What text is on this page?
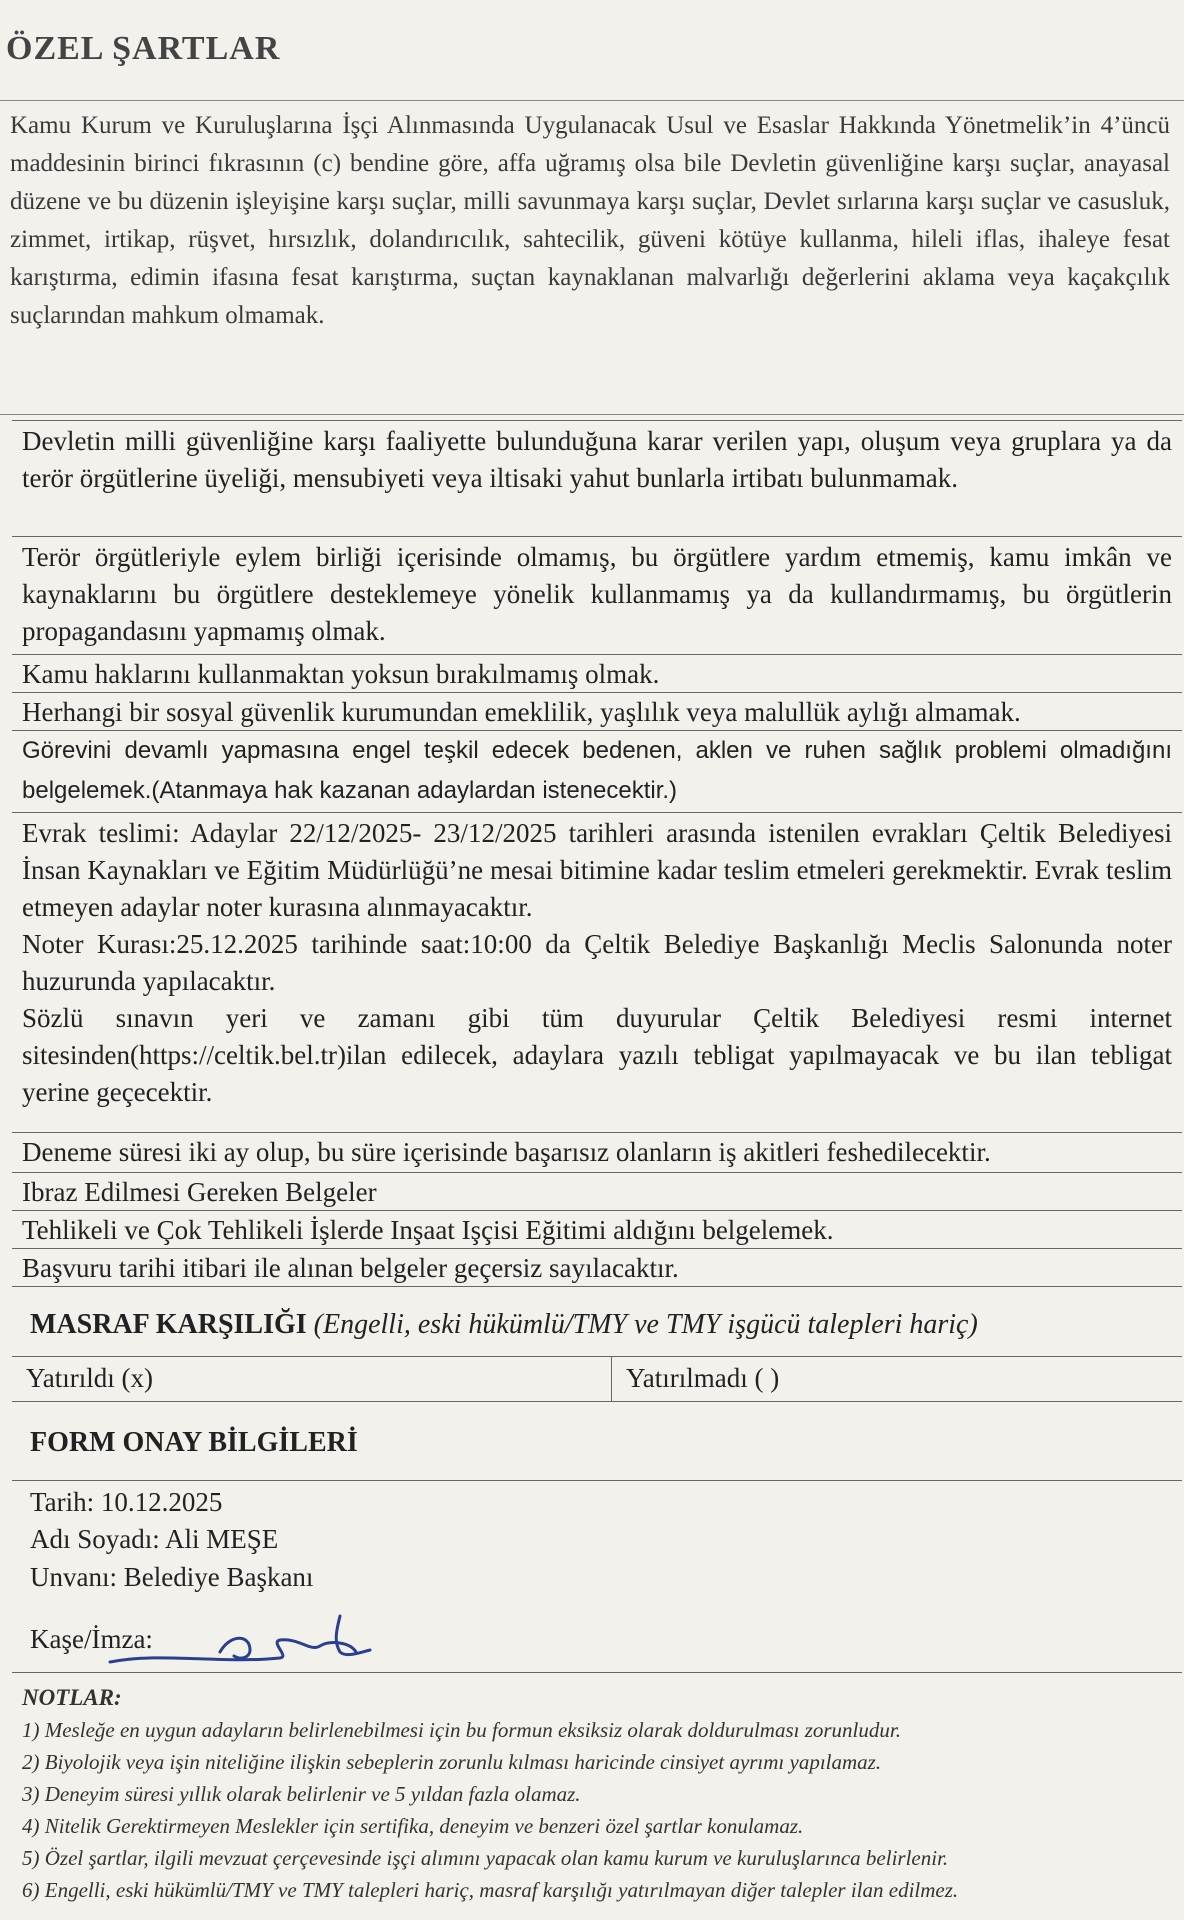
ÖZEL ŞARTLAR
Kamu Kurum ve Kuruluşlarına İşçi Alınmasında Uygulanacak Usul ve Esaslar Hakkında Yönetmelik’in 4’üncü maddesinin birinci fıkrasının (c) bendine göre, affa uğramış olsa bile Devletin güvenliğine karşı suçlar, anayasal düzene ve bu düzenin işleyişine karşı suçlar, milli savunmaya karşı suçlar, Devlet sırlarına karşı suçlar ve casusluk, zimmet, irtikap, rüşvet, hırsızlık, dolandırıcılık, sahtecilik, güveni kötüye kullanma, hileli iflas, ihaleye fesat karıştırma, edimin ifasına fesat karıştırma, suçtan kaynaklanan malvarlığı değerlerini aklama veya kaçakçılık suçlarından mahkum olmamak.
Devletin milli güvenliğine karşı faaliyette bulunduğuna karar verilen yapı, oluşum veya gruplara ya da terör örgütlerine üyeliği, mensubiyeti veya iltisaki yahut bunlarla irtibatı bulunmamak.
Terör örgütleriyle eylem birliği içerisinde olmamış, bu örgütlere yardım etmemiş, kamu imkân ve kaynaklarını bu örgütlere desteklemeye yönelik kullanmamış ya da kullandırmamış, bu örgütlerin propagandasını yapmamış olmak.
Kamu haklarını kullanmaktan yoksun bırakılmamış olmak.
Herhangi bir sosyal güvenlik kurumundan emeklilik, yaşlılık veya malullük aylığı almamak.
Görevini devamlı yapmasına engel teşkil edecek bedenen, aklen ve ruhen sağlık problemi olmadığını belgelemek.(Atanmaya hak kazanan adaylardan istenecektir.)
Evrak teslimi: Adaylar 22/12/2025- 23/12/2025 tarihleri arasında istenilen evrakları Çeltik Belediyesi İnsan Kaynakları ve Eğitim Müdürlüğü’ne mesai bitimine kadar teslim etmeleri gerekmektir. Evrak teslim etmeyen adaylar noter kurasına alınmayacaktır.
Noter Kurası:25.12.2025 tarihinde saat:10:00 da Çeltik Belediye Başkanlığı Meclis Salonunda noter huzurunda yapılacaktır.
Sözlü sınavın yeri ve zamanı gibi tüm duyurular Çeltik Belediyesi resmi internet sitesinden(https://celtik.bel.tr)ilan edilecek, adaylara yazılı tebligat yapılmayacak ve bu ilan tebligat yerine geçecektir.
Deneme süresi iki ay olup, bu süre içerisinde başarısız olanların iş akitleri feshedilecektir.
Ibraz Edilmesi Gereken Belgeler
Tehlikeli ve Çok Tehlikeli İşlerde Inşaat Işçisi Eğitimi aldığını belgelemek.
Başvuru tarihi itibari ile alınan belgeler geçersiz sayılacaktır.
MASRAF KARŞILIĞI (Engelli, eski hükümlü/TMY ve TMY işgücü talepleri hariç)
Yatırıldı (x)	Yatırılmadı ( )
FORM ONAY BİLGİLERİ
Tarih: 10.12.2025
Adı Soyadı: Ali MEŞE
Unvanı: Belediye Başkanı
Kaşe/İmza:
NOTLAR:
1) Mesleğe en uygun adayların belirlenebilmesi için bu formun eksiksiz olarak doldurulması zorunludur.
2) Biyolojik veya işin niteliğine ilişkin sebeplerin zorunlu kılması haricinde cinsiyet ayrımı yapılamaz.
3) Deneyim süresi yıllık olarak belirlenir ve 5 yıldan fazla olamaz.
4) Nitelik Gerektirmeyen Meslekler için sertifika, deneyim ve benzeri özel şartlar konulamaz.
5) Özel şartlar, ilgili mevzuat çerçevesinde işçi alımını yapacak olan kamu kurum ve kuruluşlarınca belirlenir.
6) Engelli, eski hükümlü/TMY ve TMY talepleri hariç, masraf karşılığı yatırılmayan diğer talepler ilan edilmez.
